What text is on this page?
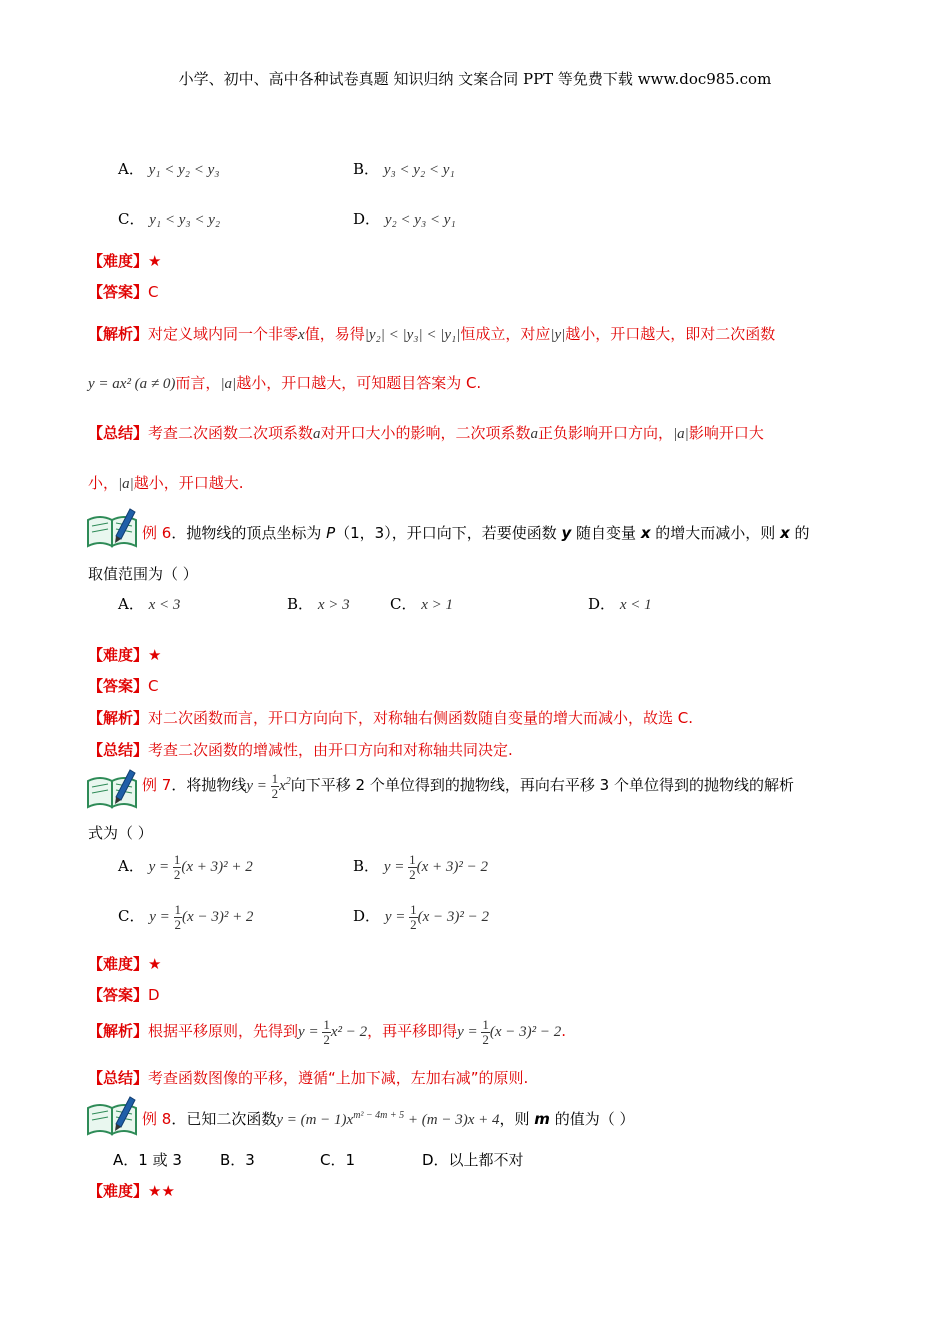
小学、初中、高中各种试卷真题 知识归纳 文案合同 PPT 等免费下载 www.doc985.com
A． y₁ < y₂ < y₃	B． y₃ < y₂ < y₁
C． y₁ < y₃ < y₂	D． y₂ < y₃ < y₁
【难度】★
【答案】C
【解析】对定义域内同一个非零x值，易得|y₂| < |y₃| < |y₁|恒成立，对应|y|越小，开口越大，即对二次函数
y = ax² (a ≠ 0)而言，|a|越小，开口越大，可知题目答案为 C.
【总结】考查二次函数二次项系数a对开口大小的影响，二次项系数a正负影响开口方向，|a|影响开口大
小，|a|越小，开口越大.
例 6．抛物线的顶点坐标为 P（1，3），开口向下，若要使函数 y 随自变量 x 的增大而减小，则 x 的
取值范围为（ ）
A． x < 3	B． x > 3	C． x > 1	D． x < 1
【难度】★
【答案】C
【解析】对二次函数而言，开口方向向下，对称轴右侧函数随自变量的增大而减小，故选 C.
【总结】考查二次函数的增减性，由开口方向和对称轴共同决定.
例 7．将抛物线$y = \frac{1}{2} x^2$向下平移 2 个单位得到的抛物线，再向右平移 3 个单位得到的抛物线的解析
式为（ ）
A． $y = \frac{1}{2} (x + 3)^2 + 2$	B． $y = \frac{1}{2} (x + 3)^2 - 2$
C． $y = \frac{1}{2} (x - 3)^2 + 2$	D． $y = \frac{1}{2} (x - 3)^2 - 2$
【难度】★
【答案】D
【解析】根据平移原则，先得到$y = \frac{1}{2} x^2 - 2$，再平移即得$y = \frac{1}{2} (x - 3)^2 - 2$.
【总结】考查函数图像的平移，遵循“上加下减，左加右减”的原则.
例 8．已知二次函数$y = (m - 1)x^{m^2 - 4m + 5} + (m - 3)x + 4$，则 m 的值为（ ）
A．1 或 3	B．3	C．1	D．以上都不对
【难度】★★
